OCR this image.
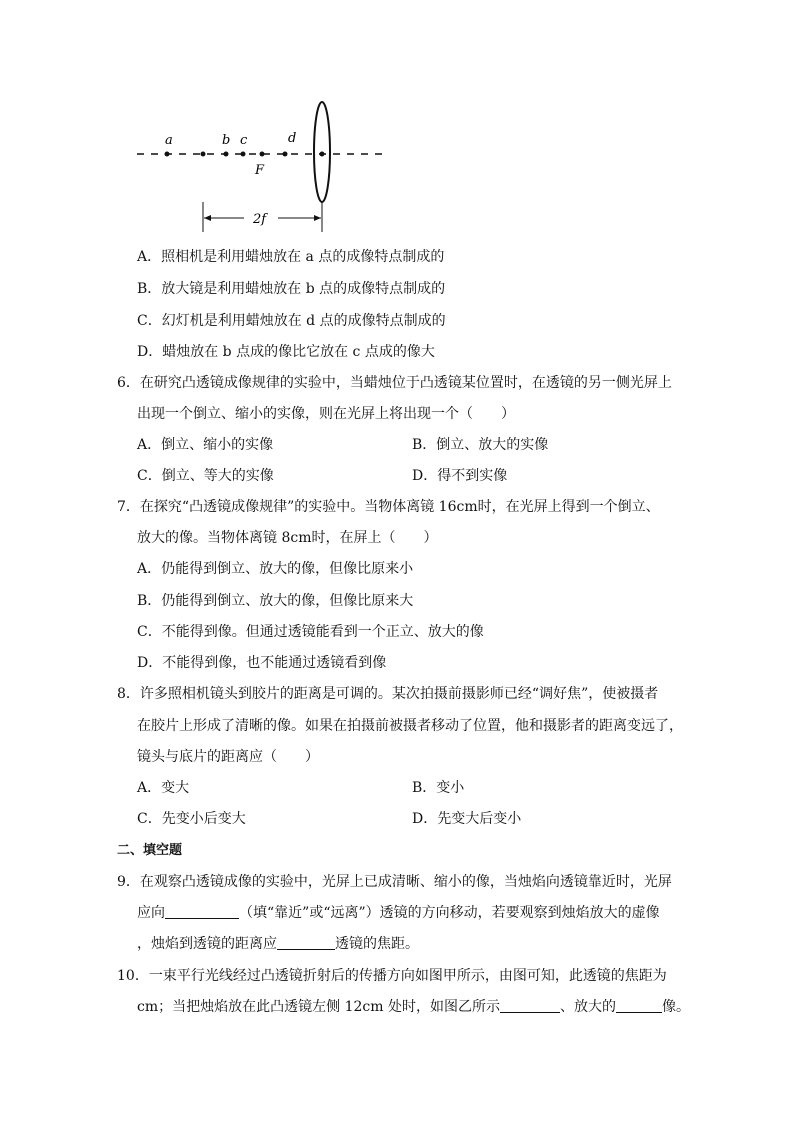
a	b c	d
F
2f
A．照相机是利用蜡烛放在 a 点的成像特点制成的
B．放大镜是利用蜡烛放在 b 点的成像特点制成的
C．幻灯机是利用蜡烛放在 d 点的成像特点制成的
D．蜡烛放在 b 点成的像比它放在 c 点成的像大
6．在研究凸透镜成像规律的实验中，当蜡烛位于凸透镜某位置时，在透镜的另一侧光屏上
出现一个倒立、缩小的实像，则在光屏上将出现一个（　　）
A．倒立、缩小的实像	B．倒立、放大的实像
C．倒立、等大的实像	D．得不到实像
7．在探究“凸透镜成像规律”的实验中。当物体离镜 16cm时，在光屏上得到一个倒立、
放大的像。当物体离镜 8cm时，在屏上（　　）
A．仍能得到倒立、放大的像，但像比原来小
B．仍能得到倒立、放大的像，但像比原来大
C．不能得到像。但通过透镜能看到一个正立、放大的像
D．不能得到像，也不能通过透镜看到像
8．许多照相机镜头到胶片的距离是可调的。某次拍摄前摄影师已经“调好焦”，使被摄者
在胶片上形成了清晰的像。如果在拍摄前被摄者移动了位置，他和摄影者的距离变远了，
镜头与底片的距离应（　　）
A．变大	B．变小
C．先变小后变大	D．先变大后变小
二、填空题
9．在观察凸透镜成像的实验中，光屏上已成清晰、缩小的像，当烛焰向透镜靠近时，光屏
应向	（填“靠近”或“远离”）透镜的方向移动，若要观察到烛焰放大的虚像
，烛焰到透镜的距离应	透镜的焦距。
10．一束平行光线经过凸透镜折射后的传播方向如图甲所示，由图可知，此透镜的焦距为
cm；当把烛焰放在此凸透镜左侧 12cm 处时，如图乙所示	、放大的	像。
